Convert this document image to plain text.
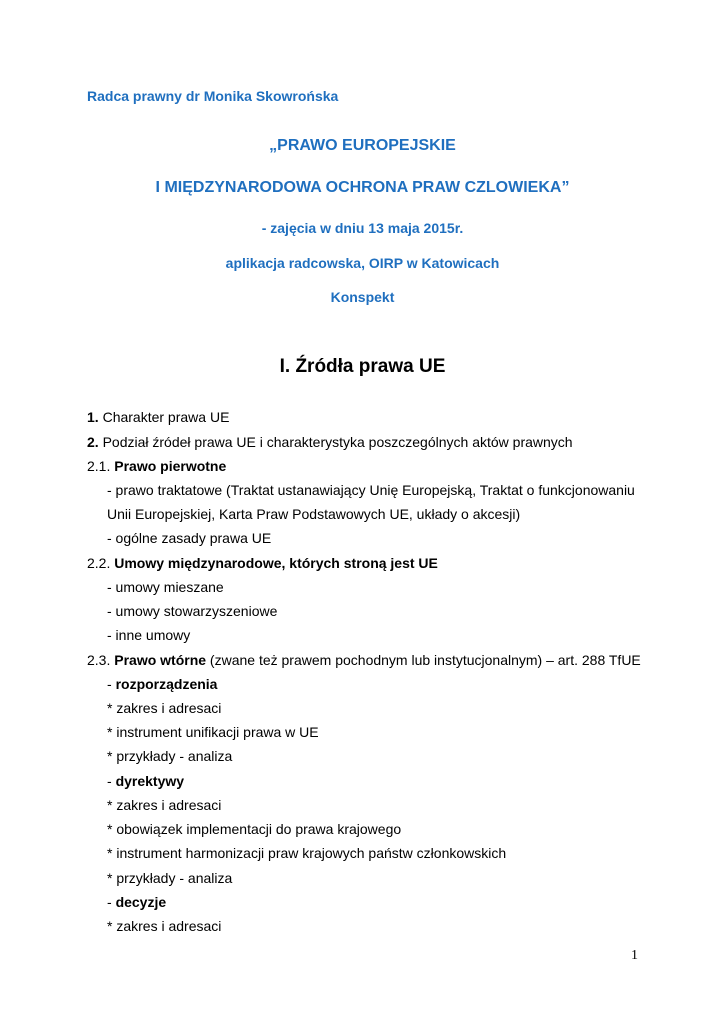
Radca prawny dr Monika Skowrońska
„PRAWO EUROPEJSKIE
I MIĘDZYNARODOWA OCHRONA PRAW CZLOWIEKA”
- zajęcia w dniu 13 maja 2015r.
aplikacja radcowska, OIRP w Katowicach
Konspekt
I. Źródła prawa UE
1. Charakter prawa UE
2. Podział źródeł prawa UE i charakterystyka poszczególnych aktów prawnych
2.1. Prawo pierwotne
- prawo traktatowe (Traktat ustanawiający Unię Europejską, Traktat o funkcjonowaniu
Unii Europejskiej, Karta Praw Podstawowych UE, układy o akcesji)
- ogólne zasady prawa UE
2.2. Umowy międzynarodowe, których stroną jest UE
- umowy mieszane
- umowy stowarzyszeniowe
- inne umowy
2.3. Prawo wtórne (zwane też prawem pochodnym lub instytucjonalnym) – art. 288 TfUE
- rozporządzenia
* zakres i adresaci
* instrument unifikacji prawa w UE
* przykłady - analiza
- dyrektywy
* zakres i adresaci
* obowiązek implementacji do prawa krajowego
* instrument harmonizacji praw krajowych państw członkowskich
* przykłady - analiza
- decyzje
* zakres i adresaci
1
